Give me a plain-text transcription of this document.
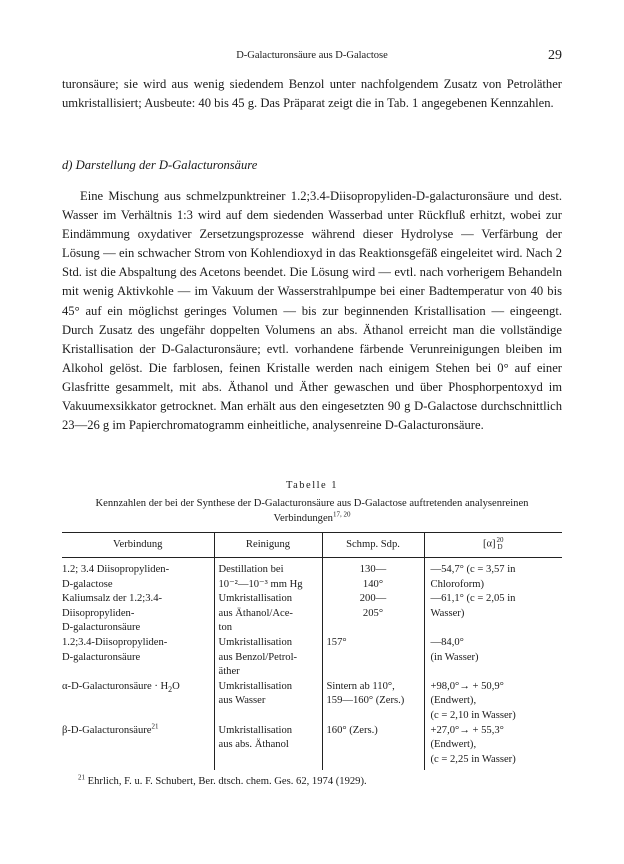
D-Galacturonsäure aus D-Galactose	29

turonsäure; sie wird aus wenig siedendem Benzol unter nachfolgendem Zusatz von Petroläther umkristallisiert; Ausbeute: 40 bis 45 g. Das Präparat zeigt die in Tab. 1 angegebenen Kennzahlen.

d) Darstellung der D-Galacturonsäure

Eine Mischung aus schmelzpunktreiner 1.2;3.4-Diisopropyliden-D-galacturonsäure und dest. Wasser im Verhältnis 1:3 wird auf dem siedenden Wasserbad unter Rückfluß erhitzt, wobei zur Eindämmung oxydativer Zersetzungsprozesse während dieser Hydrolyse — Verfärbung der Lösung — ein schwacher Strom von Kohlendioxyd in das Reaktionsgefäß eingeleitet wird. Nach 2 Std. ist die Abspaltung des Acetons beendet. Die Lösung wird — evtl. nach vorherigem Behandeln mit wenig Aktivkohle — im Vakuum der Wasserstrahlpumpe bei einer Badtemperatur von 40 bis 45° auf ein möglichst geringes Volumen — bis zur beginnenden Kristallisation — eingeengt. Durch Zusatz des ungefähr doppelten Volumens an abs. Äthanol erreicht man die vollständige Kristallisation der D-Galacturonsäure; evtl. vorhandene färbende Verunreinigungen bleiben im Alkohol gelöst. Die farblosen, feinen Kristalle werden nach einigem Stehen bei 0° auf einer Glasfritte gesammelt, mit abs. Äthanol und Äther gewaschen und über Phosphorpentoxyd im Vakuumexsikkator getrocknet. Man erhält aus den eingesetzten 90 g D-Galactose durchschnittlich 23—26 g im Papierchromatogramm einheitliche, analysenreine D-Galacturonsäure.

Tabelle 1
Kennzahlen der bei der Synthese der D-Galacturonsäure aus D-Galactose auftretenden analysenreinen Verbindungen$^{17, 20}$
Verbindung	Reinigung	Schmp. Sdp.	[α] 20
D

1.2; 3.4 Diisopropyliden-
D-galactose	Destillation bei
10⁻²—10⁻³ mm Hg	130—
140°	—54,7° (c = 3,57 in
Chloroform)

Kaliumsalz der 1.2;3.4-
Diisopropyliden-
D-galacturonsäure	Umkristallisation
aus Äthanol/Ace-
ton	200—
205°	—61,1° (c = 2,05 in
Wasser)

1.2;3.4-Diisopropyliden-
D-galacturonsäure	Umkristallisation
aus Benzol/Petrol-
äther	157°	—84,0°
(in Wasser)

α-D-Galacturonsäure · $H_2O$	Umkristallisation
aus Wasser	Sintern ab 110°,
159—160° (Zers.)	+98,0°→ + 50,9°
(Endwert),
(c = 2,10 in Wasser)

β-D-Galacturonsäure$^{21}$	Umkristallisation
aus abs. Äthanol	160° (Zers.)	+27,0°→ + 55,3°
(Endwert),
(c = 2,25 in Wasser)
$^{21}$ Ehrlich, F. u. F. Schubert, Ber. dtsch. chem. Ges. 62, 1974 (1929).
